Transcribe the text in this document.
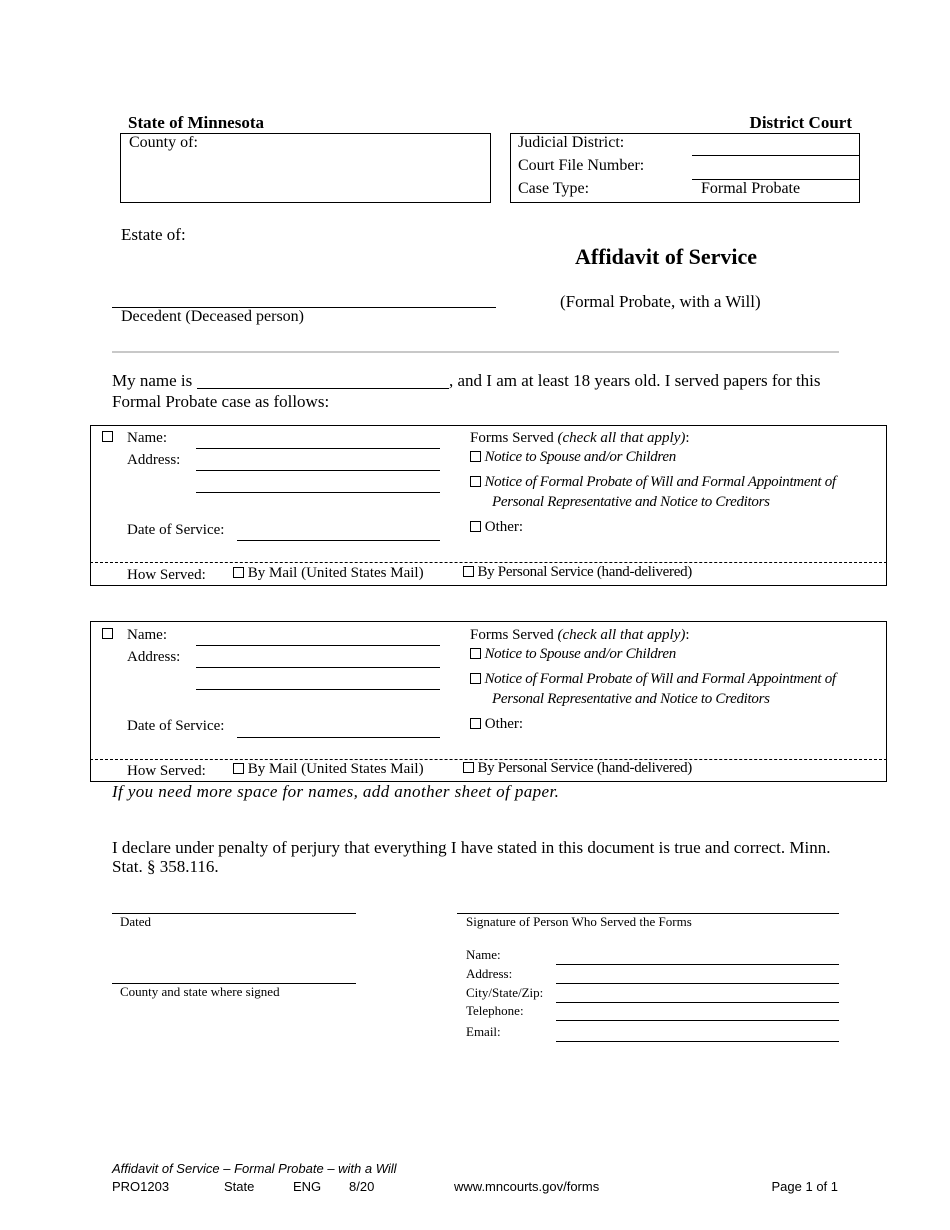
State of Minnesota	District Court
County of:	Judicial District:
Court File Number:
Case Type:	Formal Probate
Estate of:
Decedent (Deceased person)
Affidavit of Service
(Formal Probate, with a Will)
My name is	, and I am at least 18 years old. I served papers for this
Formal Probate case as follows:
Name:
Address:
Date of Service:
Forms Served (check all that apply):
Notice to Spouse and/or Children
Notice of Formal Probate of Will and Formal Appointment of
Personal Representative and Notice to Creditors
Other:
How Served:	By Mail (United States Mail)	By Personal Service (hand-delivered)
Name:
Address:
Date of Service:
Forms Served (check all that apply):
Notice to Spouse and/or Children
Notice of Formal Probate of Will and Formal Appointment of
Personal Representative and Notice to Creditors
Other:
How Served:	By Mail (United States Mail)	By Personal Service (hand-delivered)
If you need more space for names, add another sheet of paper.
I declare under penalty of perjury that everything I have stated in this document is true and correct. Minn.
Stat. § 358.116.
Dated
County and state where signed
Signature of Person Who Served the Forms
Name:
Address:
City/State/Zip:
Telephone:
Email:
Affidavit of Service – Formal Probate – with a Will
PRO1203	State	ENG 8/20	www.mncourts.gov/forms	Page 1 of 1
